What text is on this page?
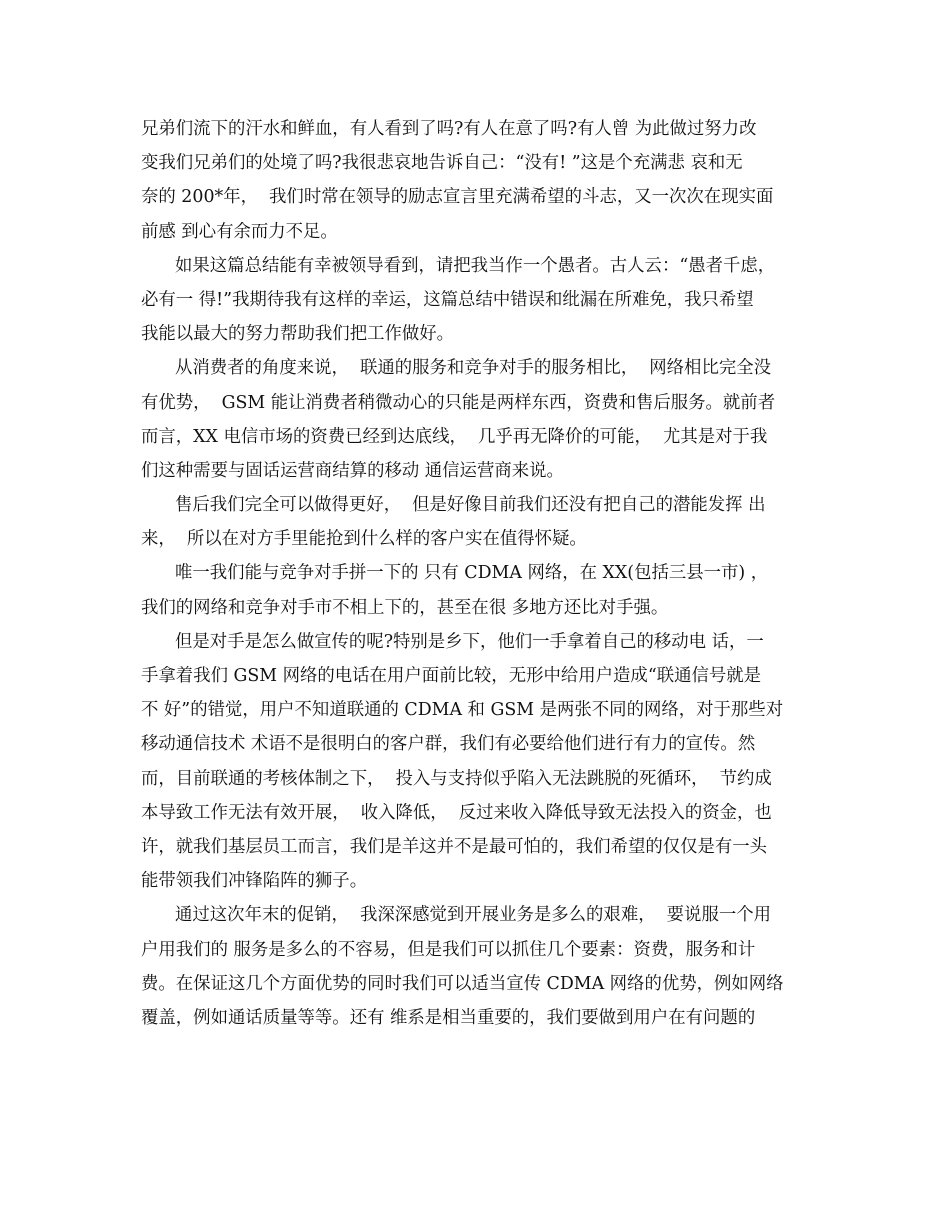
兄弟们流下的汗水和鲜血，有人看到了吗?有人在意了吗?有人曾 为此做过努力改
变我们兄弟们的处境了吗?我很悲哀地告诉自己：“没有! ”这是个充满悲 哀和无
奈的 200*年，  我们时常在领导的励志宣言里充满希望的斗志，又一次次在现实面
前感 到心有余而力不足。
如果这篇总结能有幸被领导看到，请把我当作一个愚者。古人云：“愚者千虑，
必有一 得!”我期待我有这样的幸运，这篇总结中错误和纰漏在所难免，我只希望
我能以最大的努力帮助我们把工作做好。
从消费者的角度来说，  联通的服务和竞争对手的服务相比，  网络相比完全没
有优势，  GSM 能让消费者稍微动心的只能是两样东西，资费和售后服务。就前者
而言，XX 电信市场的资费已经到达底线，  几乎再无降价的可能，  尤其是对于我
们这种需要与固话运营商结算的移动 通信运营商来说。
售后我们完全可以做得更好，  但是好像目前我们还没有把自己的潜能发挥 出
来，  所以在对方手里能抢到什么样的客户实在值得怀疑。
唯一我们能与竞争对手拼一下的 只有 CDMA 网络，在 XX(包括三县一市) ，
我们的网络和竞争对手市不相上下的，甚至在很 多地方还比对手强。
但是对手是怎么做宣传的呢?特别是乡下，他们一手拿着自己的移动电 话，一
手拿着我们 GSM 网络的电话在用户面前比较，无形中给用户造成“联通信号就是
不 好”的错觉，用户不知道联通的 CDMA 和 GSM 是两张不同的网络，对于那些对
移动通信技术 术语不是很明白的客户群，我们有必要给他们进行有力的宣传。然
而，目前联通的考核体制之下，  投入与支持似乎陷入无法跳脱的死循环，  节约成
本导致工作无法有效开展，  收入降低，  反过来收入降低导致无法投入的资金，也
许，就我们基层员工而言，我们是羊这并不是最可怕的，我们希望的仅仅是有一头
能带领我们冲锋陷阵的狮子。
通过这次年末的促销，  我深深感觉到开展业务是多么的艰难，  要说服一个用
户用我们的 服务是多么的不容易，但是我们可以抓住几个要素：资费，服务和计
费。在保证这几个方面优势的同时我们可以适当宣传 CDMA 网络的优势，例如网络
覆盖，例如通话质量等等。还有 维系是相当重要的，我们要做到用户在有问题的
